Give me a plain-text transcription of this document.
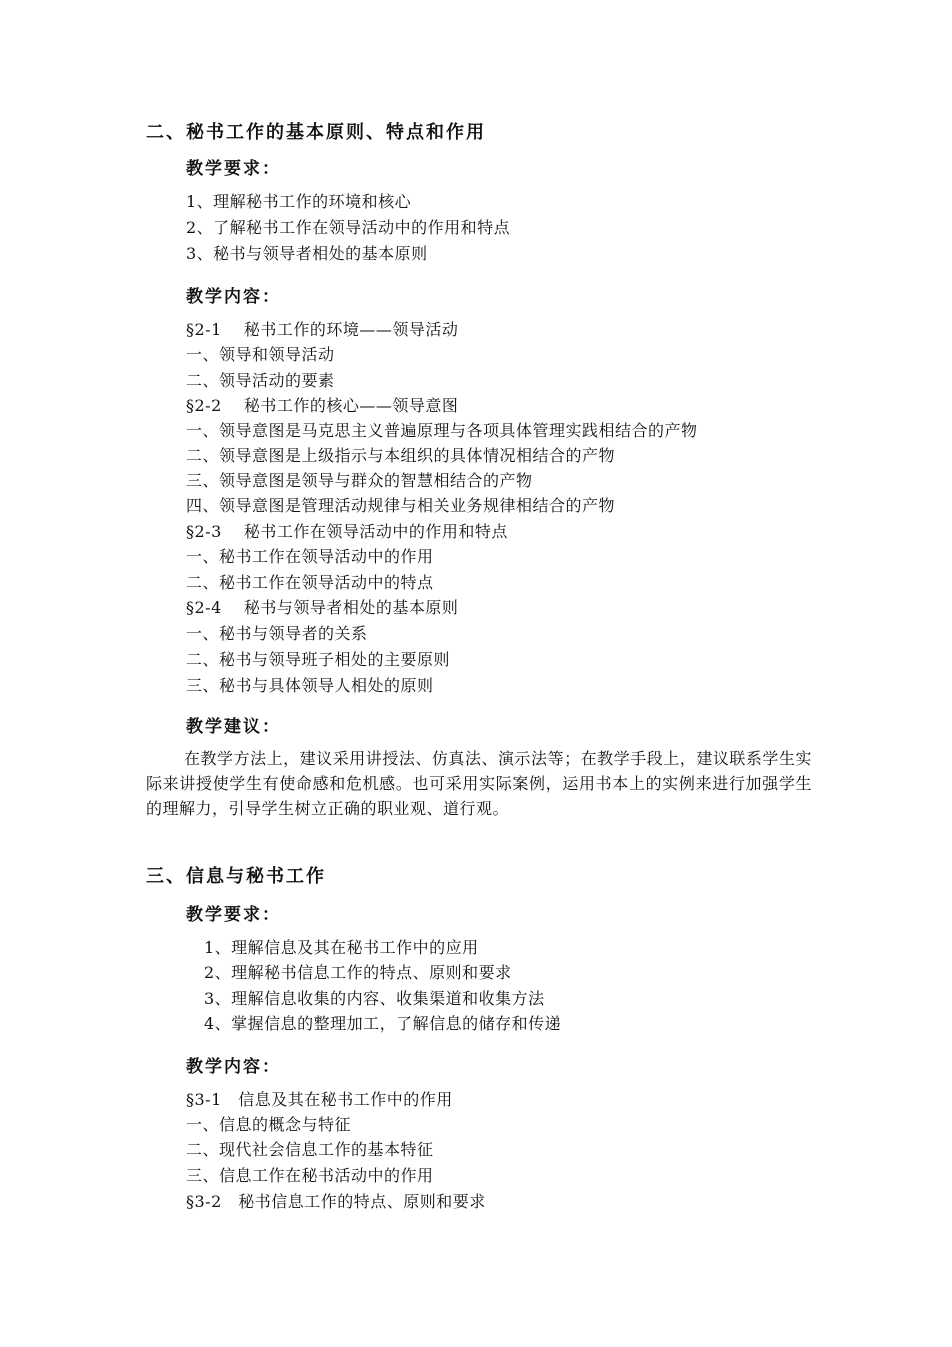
二、秘书工作的基本原则、特点和作用
教学要求：
1、理解秘书工作的环境和核心
2、了解秘书工作在领导活动中的作用和特点
3、秘书与领导者相处的基本原则
教学内容：
§2-1　 秘书工作的环境——领导活动
一、领导和领导活动
二、领导活动的要素
§2-2　 秘书工作的核心——领导意图
一、领导意图是马克思主义普遍原理与各项具体管理实践相结合的产物
二、领导意图是上级指示与本组织的具体情况相结合的产物
三、领导意图是领导与群众的智慧相结合的产物
四、领导意图是管理活动规律与相关业务规律相结合的产物
§2-3　 秘书工作在领导活动中的作用和特点
一、秘书工作在领导活动中的作用
二、秘书工作在领导活动中的特点
§2-4　 秘书与领导者相处的基本原则
一、秘书与领导者的关系
二、秘书与领导班子相处的主要原则
三、秘书与具体领导人相处的原则
教学建议：
在教学方法上，建议采用讲授法、仿真法、演示法等；在教学手段上，建议联系学生实际来讲授使学生有使命感和危机感。也可采用实际案例，运用书本上的实例来进行加强学生的理解力，引导学生树立正确的职业观、道行观。
三、信息与秘书工作
教学要求：
1、理解信息及其在秘书工作中的应用
2、理解秘书信息工作的特点、原则和要求
3、理解信息收集的内容、收集渠道和收集方法
4、掌握信息的整理加工，了解信息的储存和传递
教学内容：
§3-1　信息及其在秘书工作中的作用
一、信息的概念与特征
二、现代社会信息工作的基本特征
三、信息工作在秘书活动中的作用
§3-2　秘书信息工作的特点、原则和要求
